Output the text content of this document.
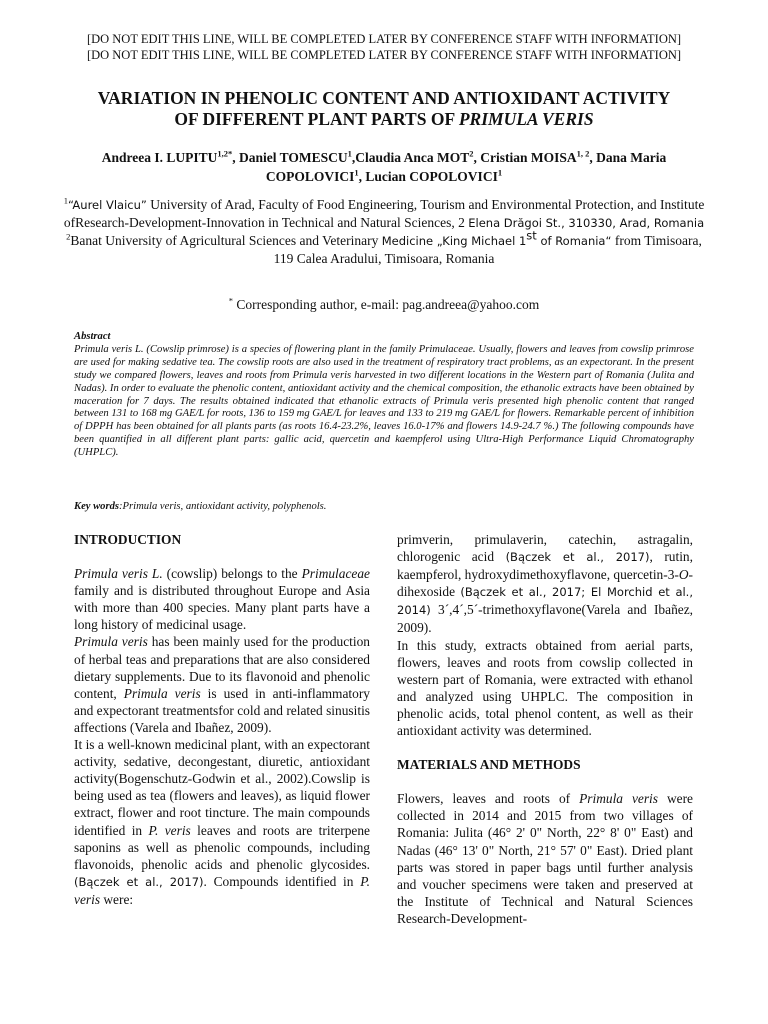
[DO NOT EDIT THIS LINE, WILL BE COMPLETED LATER BY CONFERENCE STAFF WITH INFORMATION]
[DO NOT EDIT THIS LINE, WILL BE COMPLETED LATER BY CONFERENCE STAFF WITH INFORMATION]
VARIATION IN PHENOLIC CONTENT AND ANTIOXIDANT ACTIVITY
OF DIFFERENT PLANT PARTS OF PRIMULA VERIS
Andreea I. $LUPITU^{1,2*}$, Daniel TOMESCU$^1$,Claudia Anca MOT$^2$, Cristian MOISA$^{1, 2}$, Dana Maria COPOLOVICI$^1$, Lucian COPOLOVICI$^1$

$^1$“Aurel Vlaicu” University of Arad, Faculty of Food Engineering, Tourism and Environmental Protection, and Institute ofResearch-Development-Innovation in Technical and Natural Sciences, 2 Elena Drăgoi St., 310330, Arad, Romania

$^2$Banat University of Agricultural Sciences and Veterinary Medicine „King Michael 1st of Romania“ from Timisoara, 119 Calea Aradului, Timisoara, Romania

* Corresponding author, e-mail: pag.andreea@yahoo.com
Abstract
Primula veris L. (Cowslip primrose) is a species of flowering plant in the family Primulaceae. Usually, flowers and leaves from cowslip primrose are used for making sedative tea. The cowslip roots are also used in the treatment of respiratory tract problems, as an expectorant. In the present study we compared flowers, leaves and roots from Primula veris harvested in two different locations in the Western part of Romania (Julita and Nadas). In order to evaluate the phenolic content, antioxidant activity and the chemical composition, the ethanolic extracts have been obtained by maceration for 7 days. The results obtained indicated that ethanolic extracts of Primula veris presented high phenolic content that ranged between 131 to 168 mg GAE/L for roots, 136 to 159 mg GAE/L for leaves and 133 to 219 mg GAE/L for flowers. Remarkable percent of inhibition of DPPH has been obtained for all plants parts (as roots 16.4-23.2%, leaves 16.0-17% and flowers 14.9-24.7 %.) The following compounds have been quantified in all different plant parts: gallic acid, quercetin and kaempferol using Ultra-High Performance Liquid Chromatography (UHPLC).
Key words:Primula veris, antioxidant activity, polyphenols.

INTRODUCTION

Primula veris L. (cowslip) belongs to the Primulaceae family and is distributed throughout Europe and Asia with more than 400 species. Many plant parts have a long history of medicinal usage.

Primula veris has been mainly used for the production of herbal teas and preparations that are also considered dietary supplements. Due to its flavonoid and phenolic content, Primula veris is used in anti-inflammatory and expectorant treatmentsfor cold and related sinusitis affections (Varela and Ibañez, 2009).

It is a well-known medicinal plant, with an expectorant activity, sedative, decongestant, diuretic, antioxidant activity(Bogenschutz-Godwin et al., 2002).Cowslip is being used as tea (flowers and leaves), as liquid flower extract, flower and root tincture. The main compounds identified in P. veris leaves and roots are triterpene saponins as well as phenolic compounds, including flavonoids, phenolic acids and phenolic glycosides. (Bączek et al., 2017). Compounds identified in P. veris were:

primverin, primulaverin, catechin, astragalin, chlorogenic acid (Bączek et al., 2017), rutin, kaempferol, hydroxydimethoxyflavone, quercetin-3-O-dihexoside (Bączek et al., 2017; El Morchid et al., 2014) 3´,4´,5´-trimethoxyflavone(Varela and Ibañez, 2009).

In this study, extracts obtained from aerial parts, flowers, leaves and roots from cowslip collected in western part of Romania, were extracted with ethanol and analyzed using UHPLC. The composition in phenolic acids, total phenol content, as well as their antioxidant activity was determined.

MATERIALS AND METHODS

Flowers, leaves and roots of Primula veris were collected in 2014 and 2015 from two villages of Romania: Julita (46° 2' 0" North, 22° 8' 0" East) and Nadas (46° 13' 0" North, 21° 57' 0" East). Dried plant parts was stored in paper bags until further analysis and voucher specimens were taken and preserved at the Institute of Technical and Natural Sciences Research-Development-
